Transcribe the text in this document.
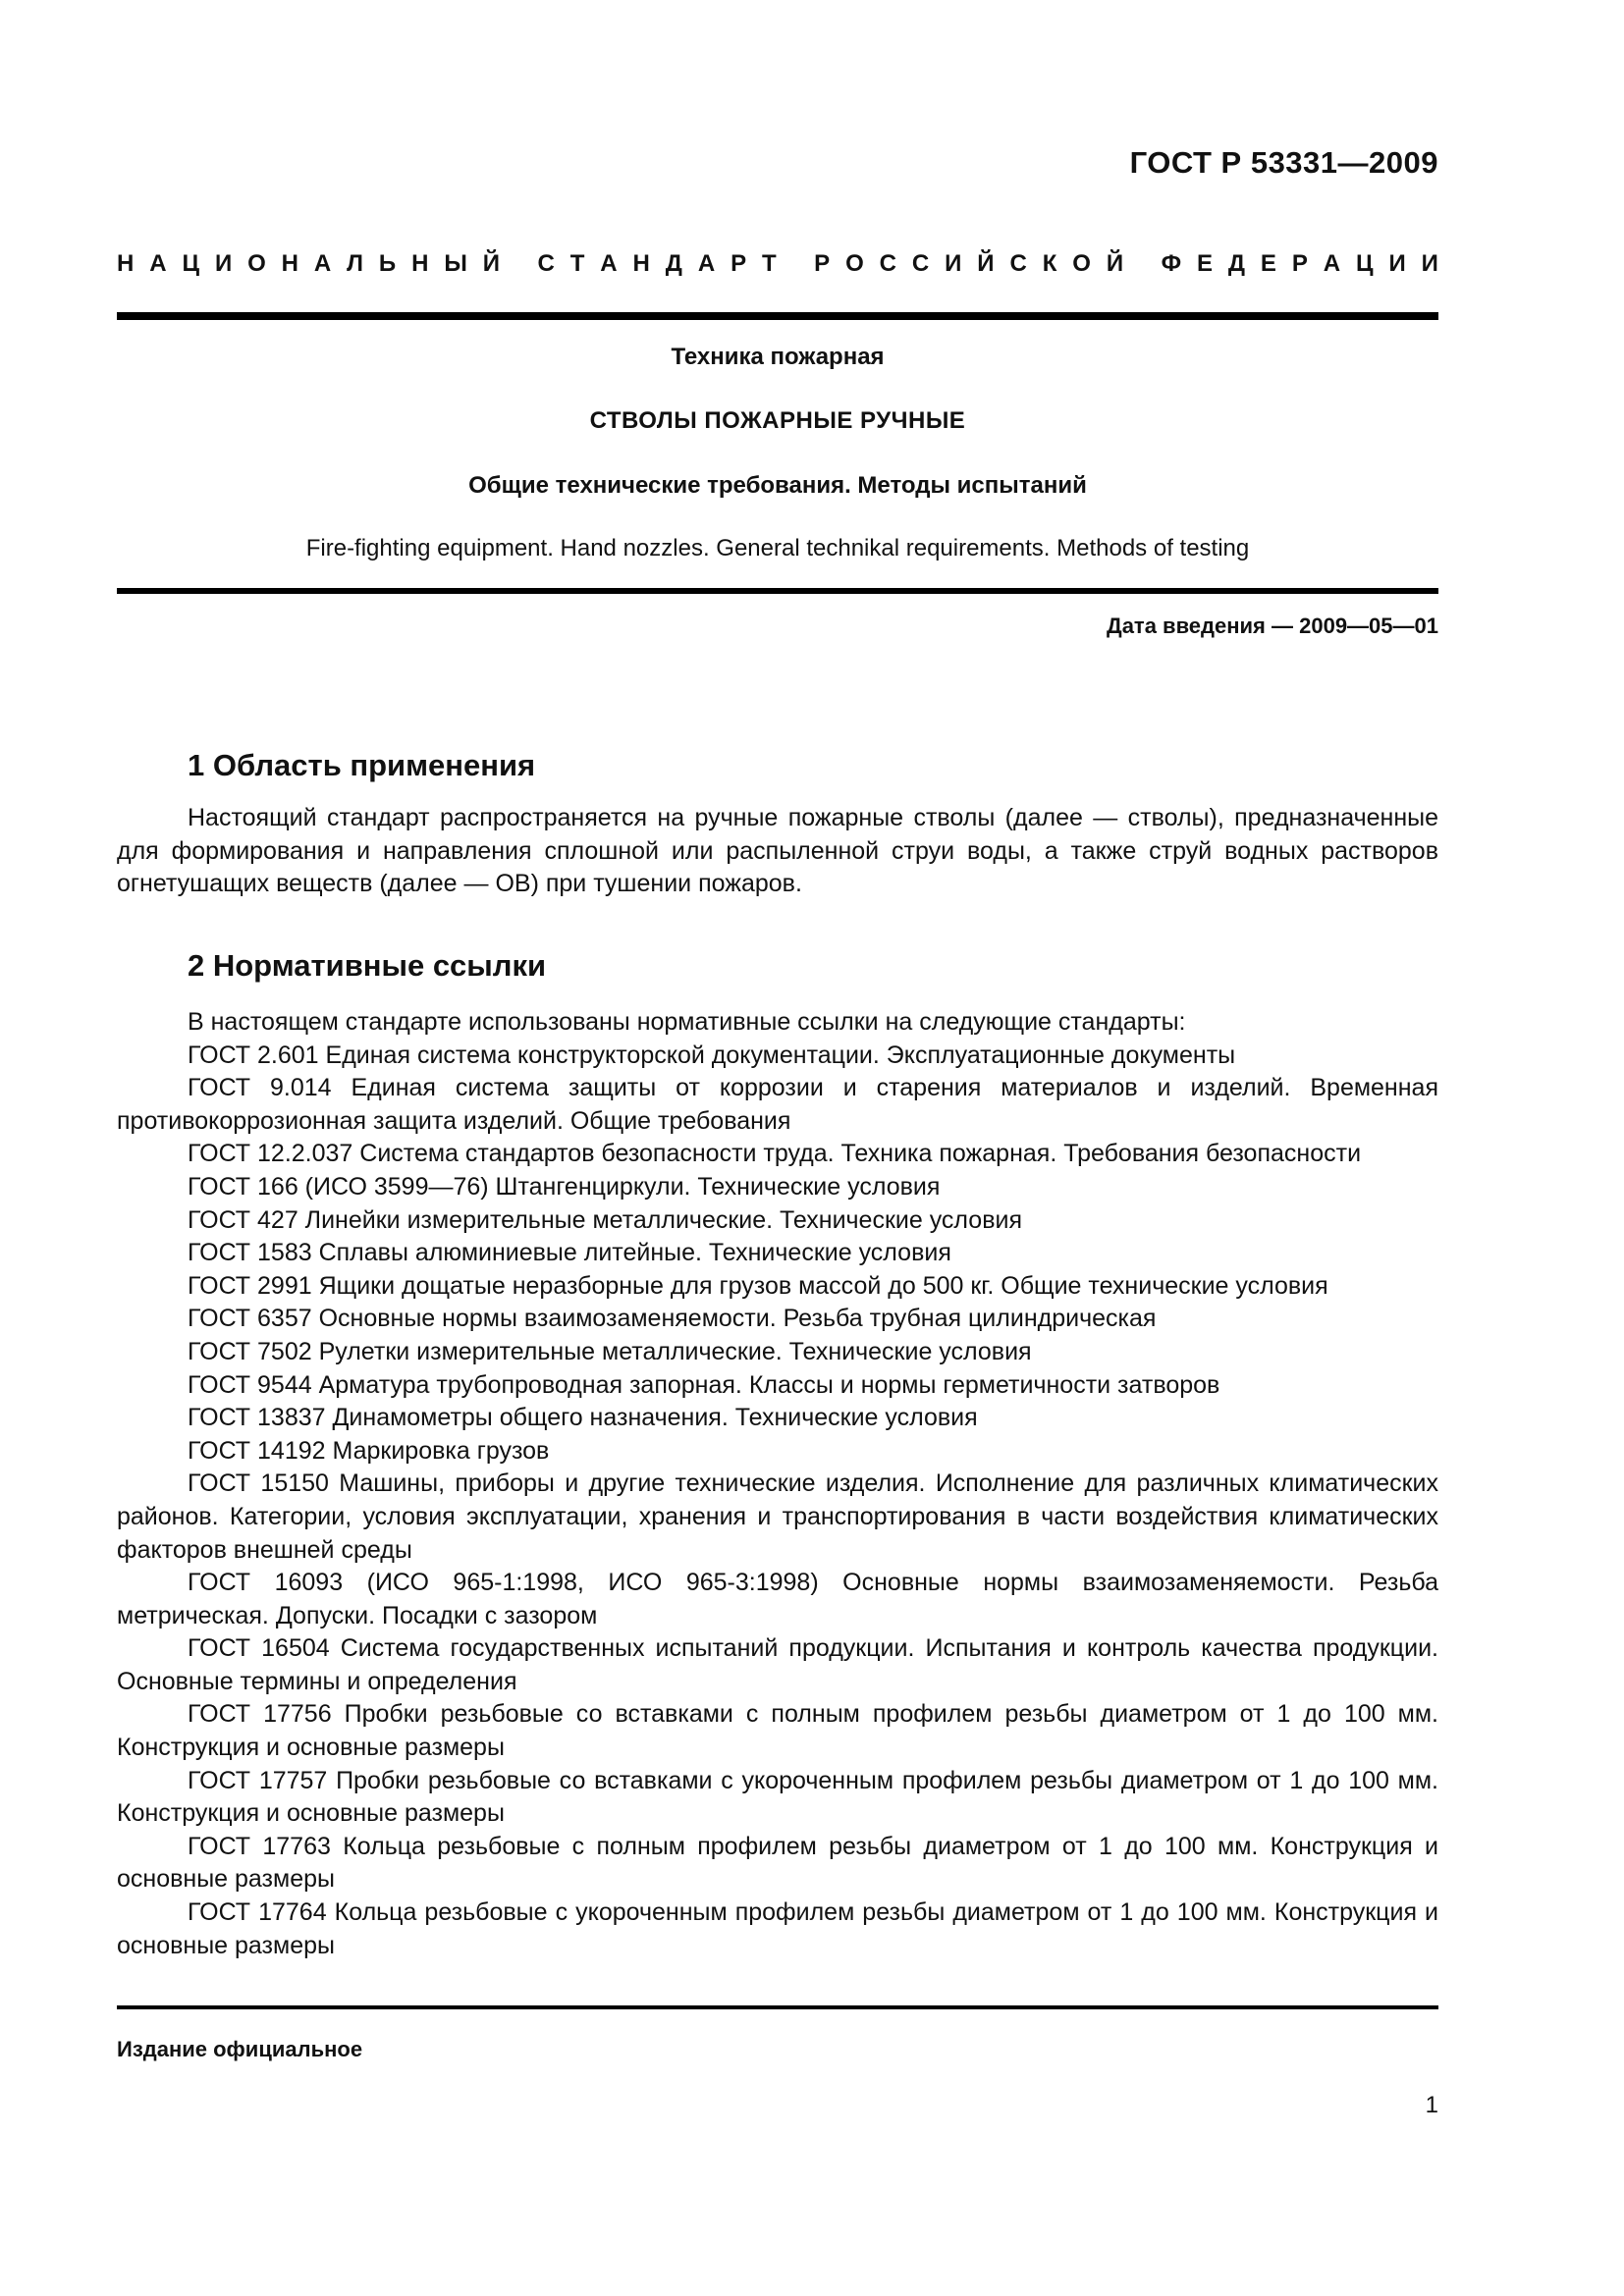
ГОСТ Р 53331—2009
Н А Ц И О Н А Л Ь Н Ы Й С Т А Н Д А Р Т Р О С С И Й С К О Й Ф Е Д Е Р А Ц И И
Техника пожарная
СТВОЛЫ ПОЖАРНЫЕ РУЧНЫЕ
Общие технические требования. Методы испытаний
Fire-fighting equipment. Hand nozzles. General technikal requirements. Methods of testing
Дата введения — 2009—05—01
1 Область применения

Настоящий стандарт распространяется на ручные пожарные стволы (далее — стволы), предназначенные для формирования и направления сплошной или распыленной струи воды, а также струй водных растворов огнетушащих веществ (далее — ОВ) при тушении пожаров.

2 Нормативные ссылки

В настоящем стандарте использованы нормативные ссылки на следующие стандарты:

ГОСТ 2.601 Единая система конструкторской документации. Эксплуатационные документы

ГОСТ 9.014 Единая система защиты от коррозии и старения материалов и изделий. Временная противокоррозионная защита изделий. Общие требования

ГОСТ 12.2.037 Система стандартов безопасности труда. Техника пожарная. Требования безопасности

ГОСТ 166 (ИСО 3599—76) Штангенциркули. Технические условия

ГОСТ 427 Линейки измерительные металлические. Технические условия

ГОСТ 1583 Сплавы алюминиевые литейные. Технические условия

ГОСТ 2991 Ящики дощатые неразборные для грузов массой до 500 кг. Общие технические условия

ГОСТ 6357 Основные нормы взаимозаменяемости. Резьба трубная цилиндрическая

ГОСТ 7502 Рулетки измерительные металлические. Технические условия

ГОСТ 9544 Арматура трубопроводная запорная. Классы и нормы герметичности затворов

ГОСТ 13837 Динамометры общего назначения. Технические условия

ГОСТ 14192 Маркировка грузов

ГОСТ 15150 Машины, приборы и другие технические изделия. Исполнение для различных климатических районов. Категории, условия эксплуатации, хранения и транспортирования в части воздействия климатических факторов внешней среды

ГОСТ 16093 (ИСО 965-1:1998, ИСО 965-3:1998) Основные нормы взаимозаменяемости. Резьба метрическая. Допуски. Посадки с зазором

ГОСТ 16504 Система государственных испытаний продукции. Испытания и контроль качества продукции. Основные термины и определения

ГОСТ 17756 Пробки резьбовые со вставками с полным профилем резьбы диаметром от 1 до 100 мм. Конструкция и основные размеры

ГОСТ 17757 Пробки резьбовые со вставками с укороченным профилем резьбы диаметром от 1 до 100 мм. Конструкция и основные размеры

ГОСТ 17763 Кольца резьбовые с полным профилем резьбы диаметром от 1 до 100 мм. Конструкция и основные размеры

ГОСТ 17764 Кольца резьбовые с укороченным профилем резьбы диаметром от 1 до 100 мм. Конструкция и основные размеры

Издание официальное
1
